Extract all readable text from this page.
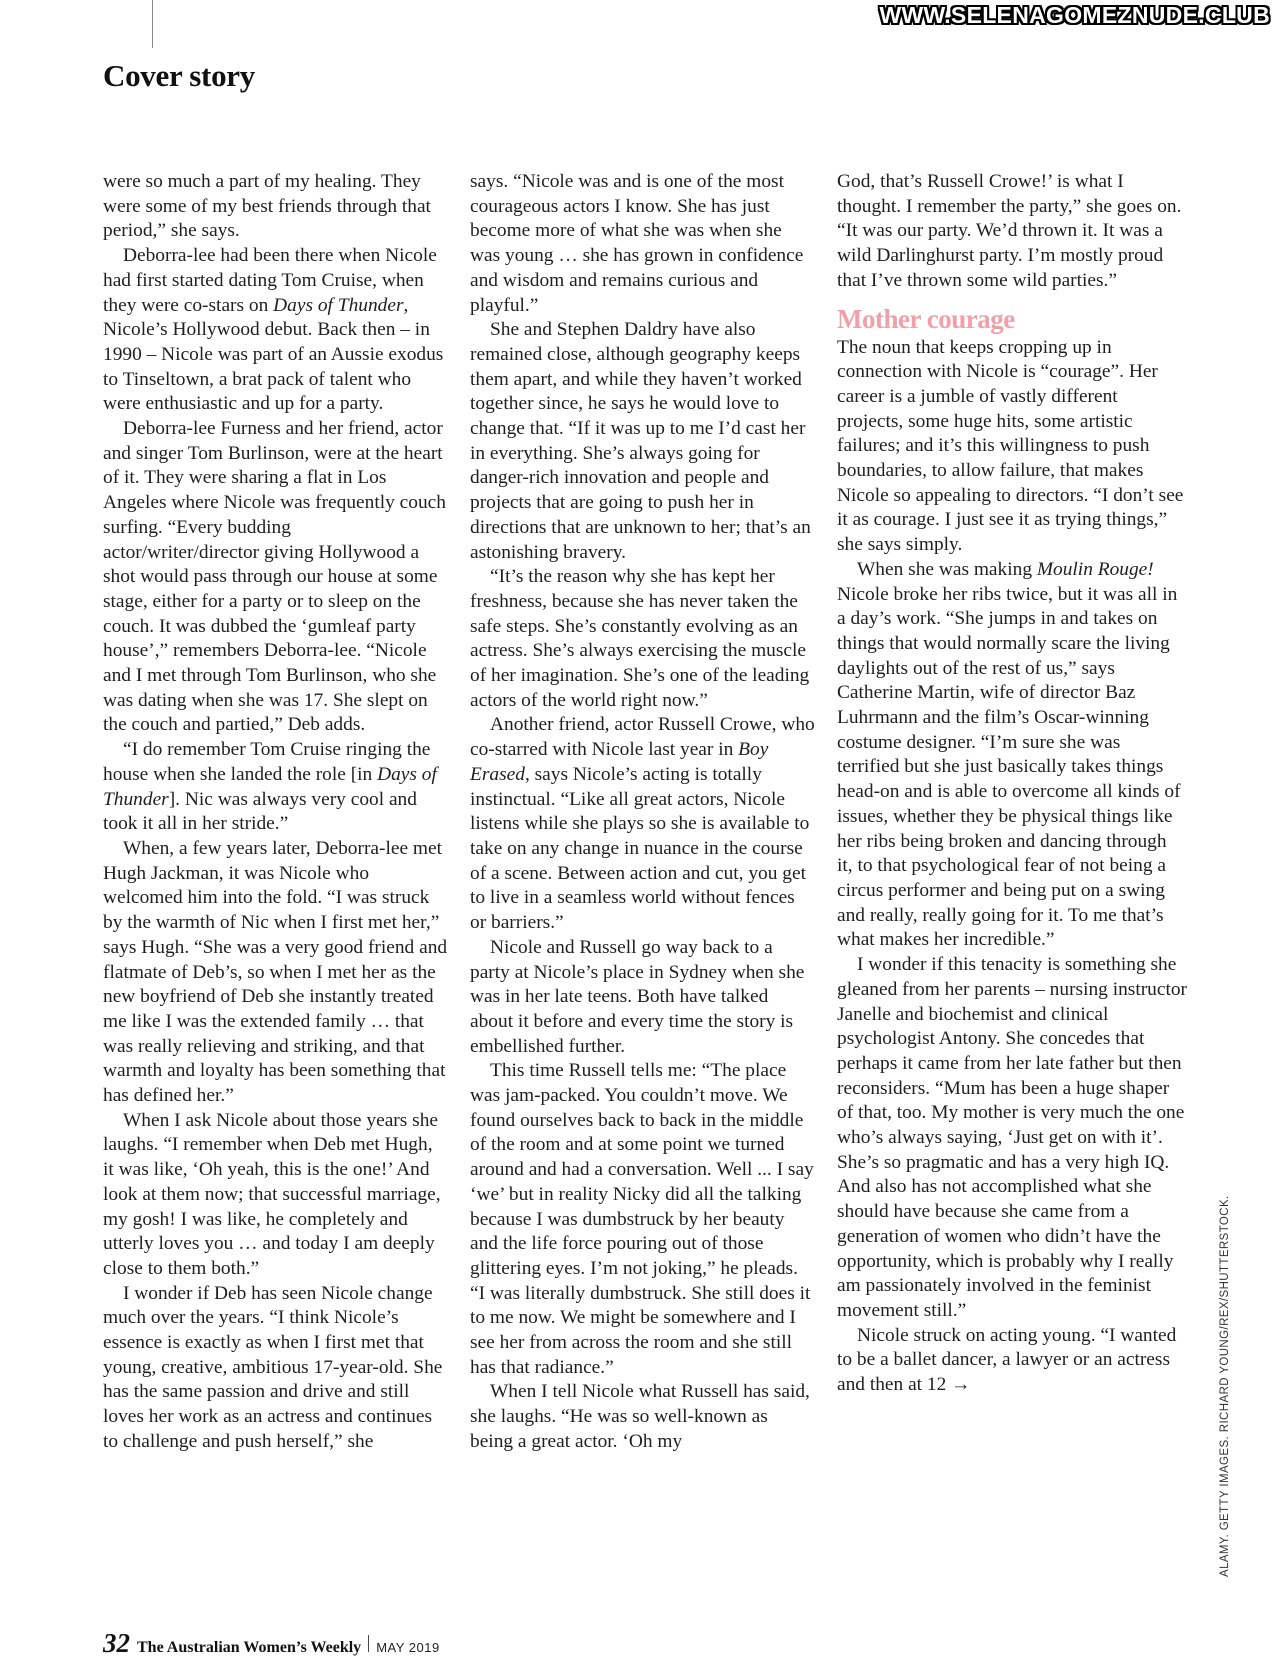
WWW.SELENAGOMEZNUDE.CLUB
Cover story

were so much a part of my healing. They were some of my best friends through that period,” she says.

Deborra-lee had been there when Nicole had first started dating Tom Cruise, when they were co-stars on Days of Thunder, Nicole’s Hollywood debut. Back then – in 1990 – Nicole was part of an Aussie exodus to Tinseltown, a brat pack of talent who were enthusiastic and up for a party.

Deborra-lee Furness and her friend, actor and singer Tom Burlinson, were at the heart of it. They were sharing a flat in Los Angeles where Nicole was frequently couch surfing. “Every budding actor/writer/director giving Hollywood a shot would pass through our house at some stage, either for a party or to sleep on the couch. It was dubbed the ‘gumleaf party house’,” remembers Deborra-lee. “Nicole and I met through Tom Burlinson, who she was dating when she was 17. She slept on the couch and partied,” Deb adds.

“I do remember Tom Cruise ringing the house when she landed the role [in Days of Thunder]. Nic was always very cool and took it all in her stride.”

When, a few years later, Deborra-lee met Hugh Jackman, it was Nicole who welcomed him into the fold. “I was struck by the warmth of Nic when I first met her,” says Hugh. “She was a very good friend and flatmate of Deb’s, so when I met her as the new boyfriend of Deb she instantly treated me like I was the extended family … that was really relieving and striking, and that warmth and loyalty has been something that has defined her.”

When I ask Nicole about those years she laughs. “I remember when Deb met Hugh, it was like, ‘Oh yeah, this is the one!’ And look at them now; that successful marriage, my gosh! I was like, he completely and utterly loves you … and today I am deeply close to them both.”

I wonder if Deb has seen Nicole change much over the years. “I think Nicole’s essence is exactly as when I first met that young, creative, ambitious 17-year-old. She has the same passion and drive and still loves her work as an actress and continues to challenge and push herself,” she

says. “Nicole was and is one of the most courageous actors I know. She has just become more of what she was when she was young … she has grown in confidence and wisdom and remains curious and playful.”

She and Stephen Daldry have also remained close, although geography keeps them apart, and while they haven’t worked together since, he says he would love to change that. “If it was up to me I’d cast her in everything. She’s always going for danger-rich innovation and people and projects that are going to push her in directions that are unknown to her; that’s an astonishing bravery.

“It’s the reason why she has kept her freshness, because she has never taken the safe steps. She’s constantly evolving as an actress. She’s always exercising the muscle of her imagination. She’s one of the leading actors of the world right now.”

Another friend, actor Russell Crowe, who co-starred with Nicole last year in Boy Erased, says Nicole’s acting is totally instinctual. “Like all great actors, Nicole listens while she plays so she is available to take on any change in nuance in the course of a scene. Between action and cut, you get to live in a seamless world without fences or barriers.”

Nicole and Russell go way back to a party at Nicole’s place in Sydney when she was in her late teens. Both have talked about it before and every time the story is embellished further.

This time Russell tells me: “The place was jam-packed. You couldn’t move. We found ourselves back to back in the middle of the room and at some point we turned around and had a conversation. Well ... I say ‘we’ but in reality Nicky did all the talking because I was dumbstruck by her beauty and the life force pouring out of those glittering eyes. I’m not joking,” he pleads. “I was literally dumbstruck. She still does it to me now. We might be somewhere and I see her from across the room and she still has that radiance.”

When I tell Nicole what Russell has said, she laughs. “He was so well-known as being a great actor. ‘Oh my

God, that’s Russell Crowe!’ is what I thought. I remember the party,” she goes on. “It was our party. We’d thrown it. It was a wild Darlinghurst party. I’m mostly proud that I’ve thrown some wild parties.”

Mother courage

The noun that keeps cropping up in connection with Nicole is “courage”. Her career is a jumble of vastly different projects, some huge hits, some artistic failures; and it’s this willingness to push boundaries, to allow failure, that makes Nicole so appealing to directors. “I don’t see it as courage. I just see it as trying things,” she says simply.

When she was making Moulin Rouge! Nicole broke her ribs twice, but it was all in a day’s work. “She jumps in and takes on things that would normally scare the living daylights out of the rest of us,” says Catherine Martin, wife of director Baz Luhrmann and the film’s Oscar-winning costume designer. “I’m sure she was terrified but she just basically takes things head-on and is able to overcome all kinds of issues, whether they be physical things like her ribs being broken and dancing through it, to that psychological fear of not being a circus performer and being put on a swing and really, really going for it. To me that’s what makes her incredible.”

I wonder if this tenacity is something she gleaned from her parents – nursing instructor Janelle and biochemist and clinical psychologist Antony. She concedes that perhaps it came from her late father but then reconsiders. “Mum has been a huge shaper of that, too. My mother is very much the one who’s always saying, ‘Just get on with it’. She’s so pragmatic and has a very high IQ. And also has not accomplished what she should have because she came from a generation of women who didn’t have the opportunity, which is probably why I really am passionately involved in the feminist movement still.”

Nicole struck on acting young. “I wanted to be a ballet dancer, a lawyer or an actress and then at 12 →	ALAMY. GETTY IMAGES. RICHARD YOUNG/REX/SHUTTERSTOCK.
32 The Australian Women’s Weekly MAY 2019
